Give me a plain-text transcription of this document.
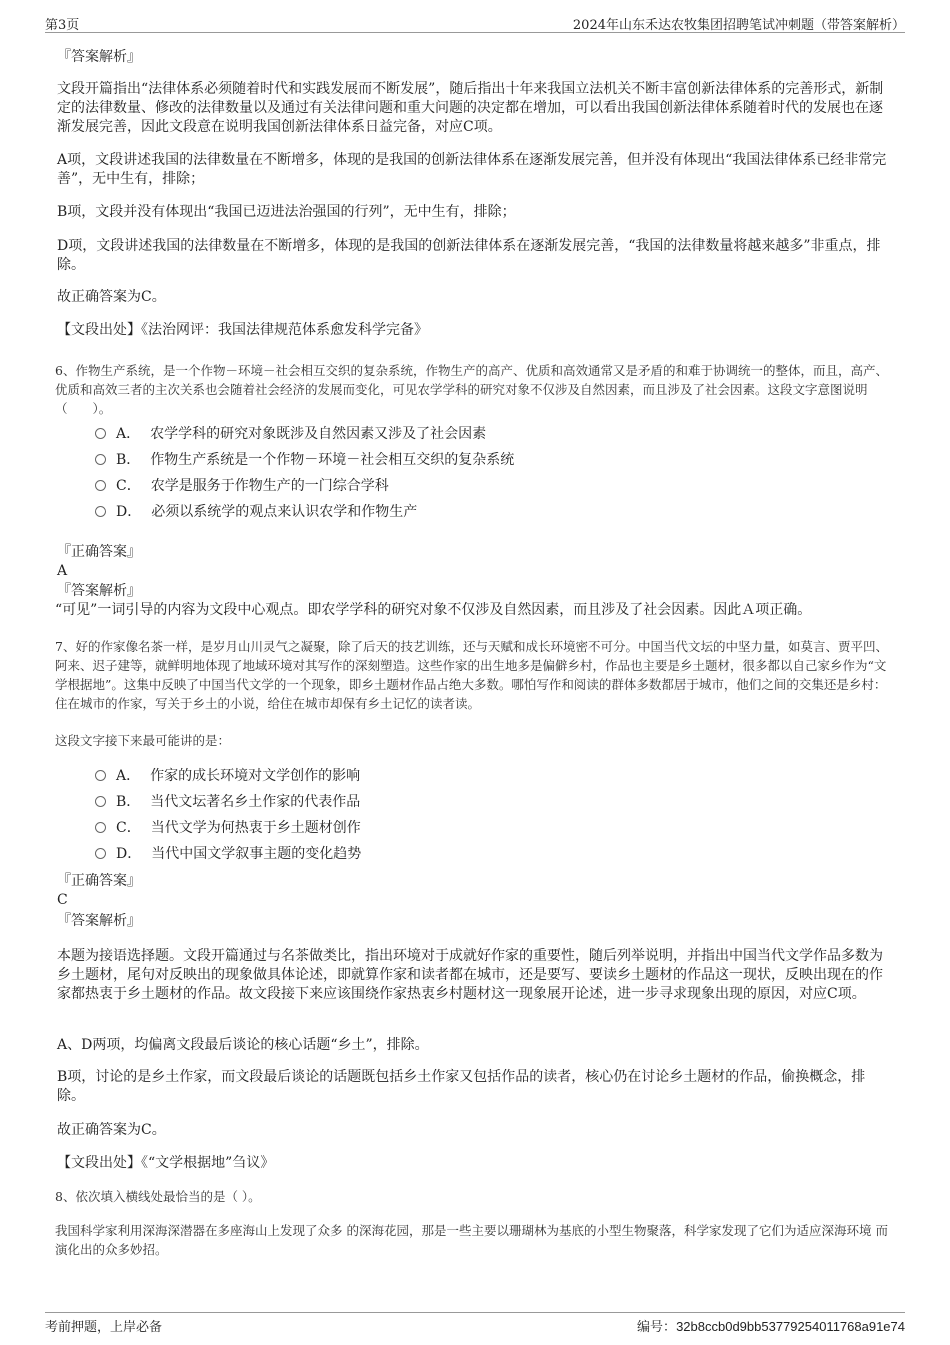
第3页	2024年山东禾达农牧集团招聘笔试冲刺题（带答案解析）
『答案解析』

文段开篇指出“法律体系必须随着时代和实践发展而不断发展”，随后指出十年来我国立法机关不断丰富创新法律体系的完善形式，新制定的法律数量、修改的法律数量以及通过有关法律问题和重大问题的决定都在增加，可以看出我国创新法律体系随着时代的发展也在逐渐发展完善，因此文段意在说明我国创新法律体系日益完备，对应C项。

A项，文段讲述我国的法律数量在不断增多，体现的是我国的创新法律体系在逐渐发展完善，但并没有体现出“我国法律体系已经非常完善”，无中生有，排除；

B项，文段并没有体现出“我国已迈进法治强国的行列”，无中生有，排除；

D项，文段讲述我国的法律数量在不断增多，体现的是我国的创新法律体系在逐渐发展完善，“我国的法律数量将越来越多”非重点，排除。

故正确答案为C。

【文段出处】《法治网评：我国法律规范体系愈发科学完备》

6、作物生产系统，是一个作物－环境－社会相互交织的复杂系统，作物生产的高产、优质和高效通常又是矛盾的和难于协调统一的整体，而且，高产、优质和高效三者的主次关系也会随着社会经济的发展而变化，可见农学学科的研究对象不仅涉及自然因素，而且涉及了社会因素。这段文字意图说明（　　）。

A． 农学学科的研究对象既涉及自然因素又涉及了社会因素
B． 作物生产系统是一个作物－环境－社会相互交织的复杂系统
C． 农学是服务于作物生产的一门综合学科
D． 必须以系统学的观点来认识农学和作物生产
『正确答案』
A
『答案解析』

“可见”一词引导的内容为文段中心观点。即农学学科的研究对象不仅涉及自然因素，而且涉及了社会因素。因此Ａ项正确。

7、好的作家像名茶一样，是岁月山川灵气之凝聚，除了后天的技艺训练，还与天赋和成长环境密不可分。中国当代文坛的中坚力量，如莫言、贾平凹、阿来、迟子建等，就鲜明地体现了地域环境对其写作的深刻塑造。这些作家的出生地多是偏僻乡村，作品也主要是乡土题材，很多都以自己家乡作为“文学根据地”。这集中反映了中国当代文学的一个现象，即乡土题材作品占绝大多数。哪怕写作和阅读的群体多数都居于城市，他们之间的交集还是乡村：住在城市的作家，写关于乡土的小说，给住在城市却保有乡土记忆的读者读。

这段文字接下来最可能讲的是：

A． 作家的成长环境对文学创作的影响
B． 当代文坛著名乡土作家的代表作品
C． 当代文学为何热衷于乡土题材创作
D． 当代中国文学叙事主题的变化趋势
『正确答案』
C
『答案解析』

本题为接语选择题。文段开篇通过与名茶做类比，指出环境对于成就好作家的重要性，随后列举说明，并指出中国当代文学作品多数为乡土题材，尾句对反映出的现象做具体论述，即就算作家和读者都在城市，还是要写、要读乡土题材的作品这一现状，反映出现在的作家都热衷于乡土题材的作品。故文段接下来应该围绕作家热衷乡村题材这一现象展开论述，进一步寻求现象出现的原因，对应C项。

A、D两项，均偏离文段最后谈论的核心话题“乡土”，排除。

B项，讨论的是乡土作家，而文段最后谈论的话题既包括乡土作家又包括作品的读者，核心仍在讨论乡土题材的作品，偷换概念，排除。

故正确答案为C。

【文段出处】《“文学根据地”刍议》

8、依次填入横线处最恰当的是（ ）。

我国科学家利用深海深潜器在多座海山上发现了众多 的深海花园，那是一些主要以珊瑚林为基底的小型生物聚落，科学家发现了它们为适应深海环境 而演化出的众多妙招。

考前押题，上岸必备	编号：32b8ccb0d9bb53779254011768a91e74
